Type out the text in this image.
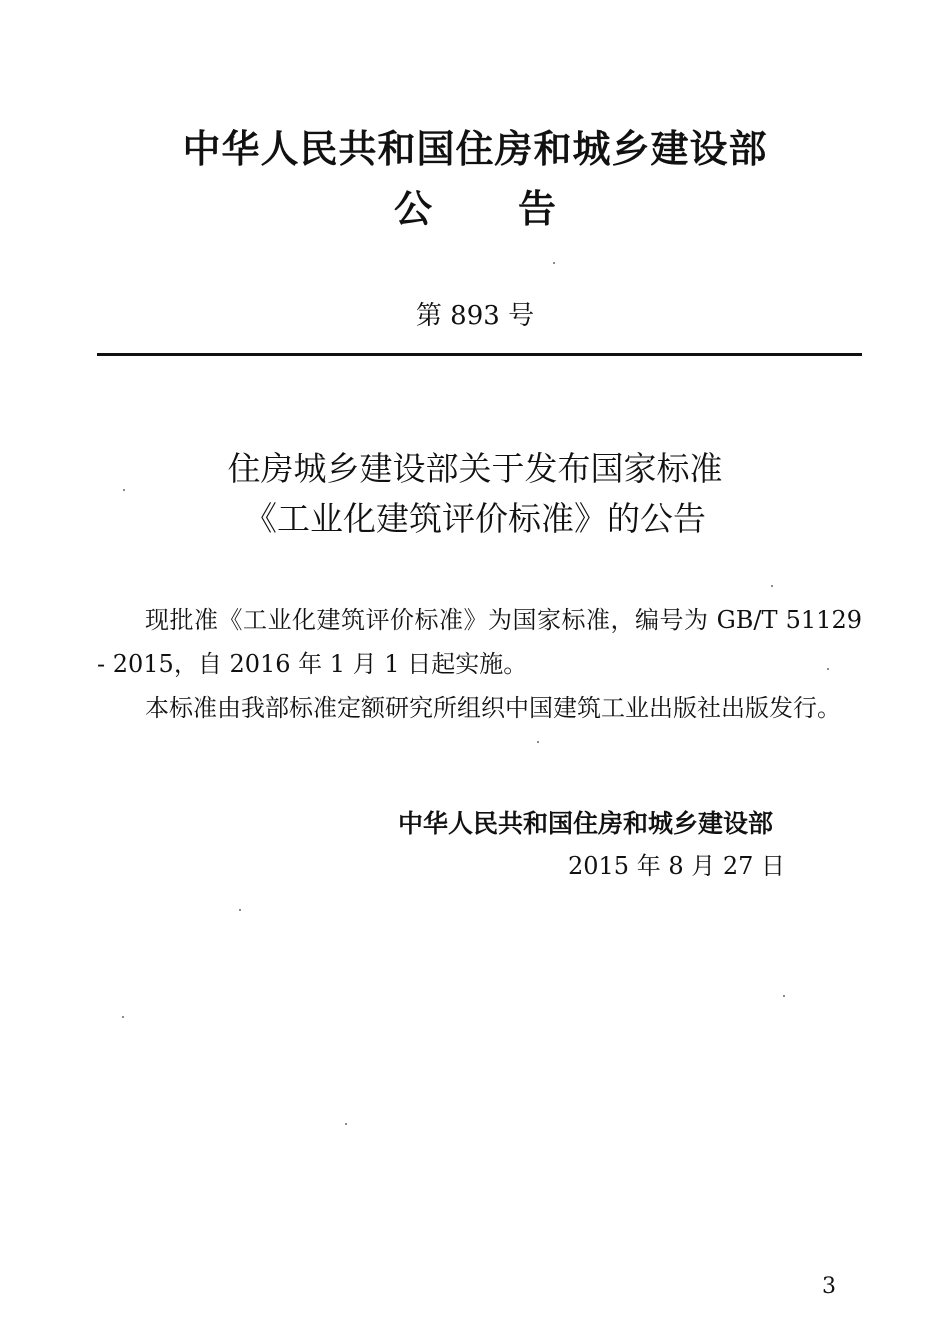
中华人民共和国住房和城乡建设部
公 告
第 893 号
住房城乡建设部关于发布国家标准
《工业化建筑评价标准》的公告

现批准《工业化建筑评价标准》为国家标准，编号为 GB/T 51129 - 2015，自 2016 年 1 月 1 日起实施。

本标准由我部标准定额研究所组织中国建筑工业出版社出版发行。

中华人民共和国住房和城乡建设部
2015 年 8 月 27 日
3
